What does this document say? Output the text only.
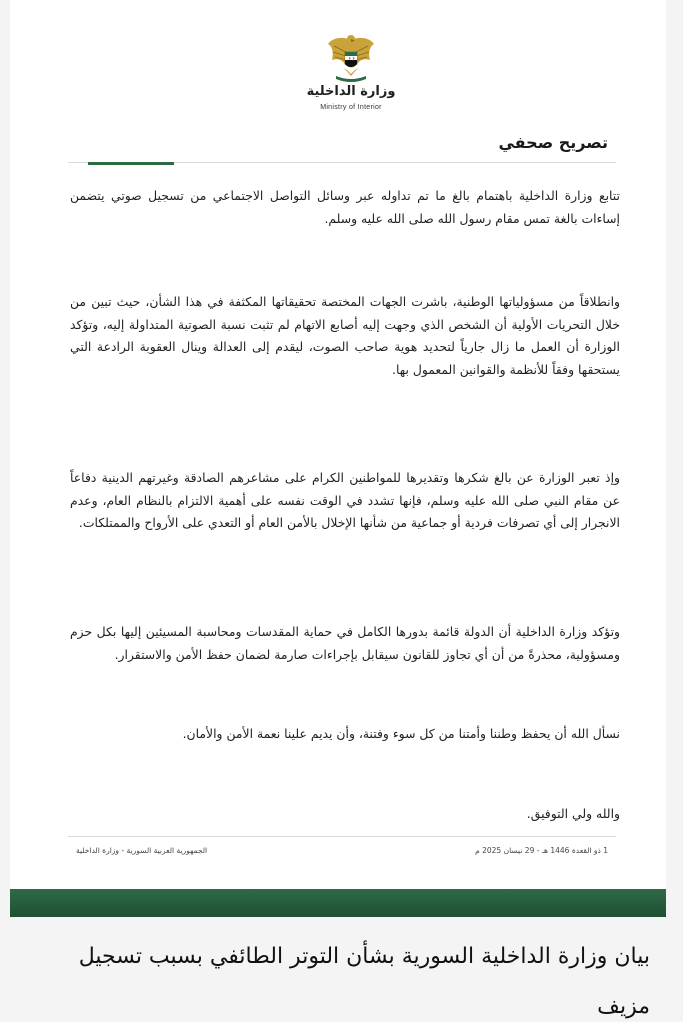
وزارة الداخلية
Ministry of Interior
تصريح صحفي

تتابع وزارة الداخلية باهتمام بالغ ما تم تداوله عبر وسائل التواصل الاجتماعي من تسجيل صوتي يتضمن إساءات بالغة تمس مقام رسول الله صلى الله عليه وسلم.

وانطلاقاً من مسؤولياتها الوطنية، باشرت الجهات المختصة تحقيقاتها المكثفة في هذا الشأن، حيث تبين من خلال التحريات الأولية أن الشخص الذي وجهت إليه أصابع الاتهام لم تثبت نسبة الصوتية المتداولة إليه، وتؤكد الوزارة أن العمل ما زال جارياً لتحديد هوية صاحب الصوت، ليقدم إلى العدالة وينال العقوبة الرادعة التي يستحقها وفقاً للأنظمة والقوانين المعمول بها.

وإذ تعبر الوزارة عن بالغ شكرها وتقديرها للمواطنين الكرام على مشاعرهم الصادقة وغيرتهم الدينية دفاعاً عن مقام النبي صلى الله عليه وسلم، فإنها تشدد في الوقت نفسه على أهمية الالتزام بالنظام العام، وعدم الانجرار إلى أي تصرفات فردية أو جماعية من شأنها الإخلال بالأمن العام أو التعدي على الأرواح والممتلكات.

وتؤكد وزارة الداخلية أن الدولة قائمة بدورها الكامل في حماية المقدسات ومحاسبة المسيئين إليها بكل حزم ومسؤولية، محذرةً من أن أي تجاوز للقانون سيقابل بإجراءات صارمة لضمان حفظ الأمن والاستقرار.

نسأل الله أن يحفظ وطننا وأمتنا من كل سوء وفتنة، وأن يديم علينا نعمة الأمن والأمان.

والله ولي التوفيق.

1 ذو القعدة 1446 هـ - 29 نيسان 2025 م
الجمهورية العربية السورية - وزارة الداخلية
بيان وزارة الداخلية السورية بشأن التوتر الطائفي بسبب تسجيل مزيف
